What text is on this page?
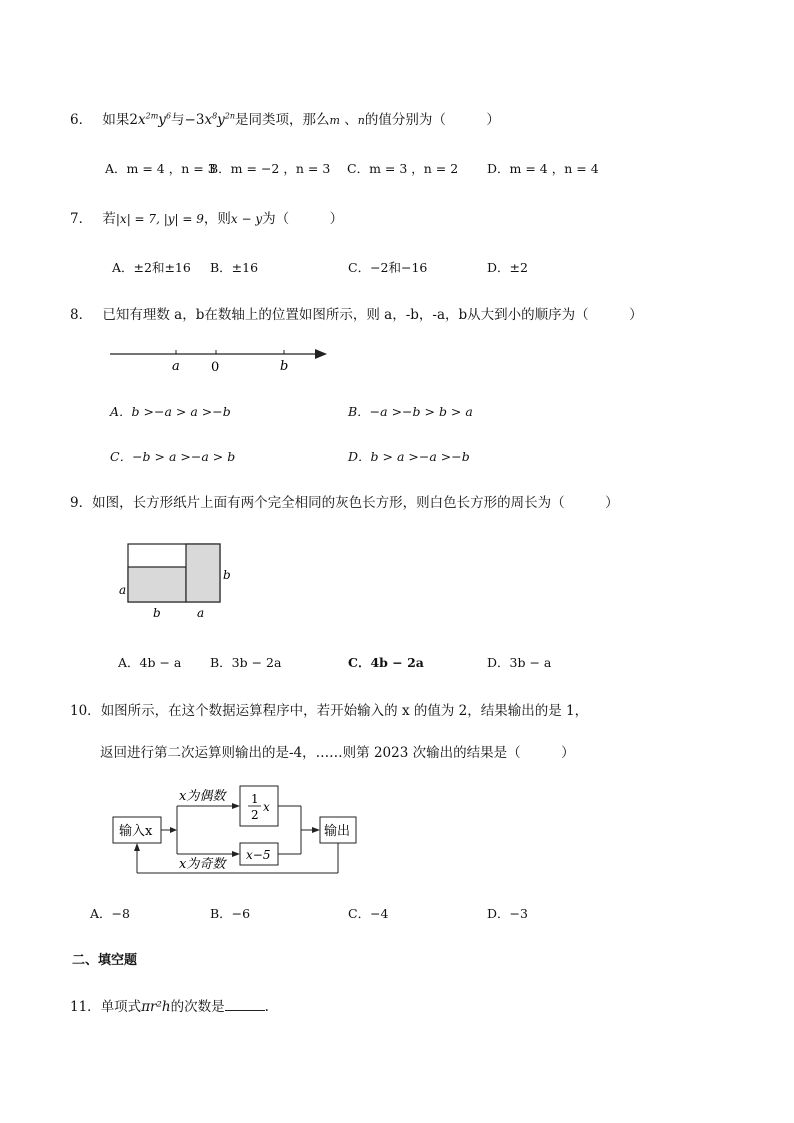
6． 如果$2x^{2m}y^6$与$-3x^8y^{2n}$是同类项，那么m 、n的值分别为（　　　）
A．m = 4 ，n = 3
B．m = −2 ，n = 3 C．m = 3 ，n = 2 D．m = 4 ，n = 4
7． 若|x| = 7, |y| = 9，则x − y为（　　　）
A．±2和±16 B．±16	C．−2和−16	D．±2
8． 已知有理数 a，b在数轴上的位置如图所示，则 a，-b，-a，b从大到小的顺序为（　　　）
a 0	b
A．b >−a > a >−b	B．−a >−b > b > a
C．−b > a >−a > b	D．b > a >−a >−b
9．如图，长方形纸片上面有两个完全相同的灰色长方形，则白色长方形的周长为（　　　）
a
b
b	a
A．4b − a B．3b − 2a	C．4b − 2a	D．3b − a
10．如图所示，在这个数据运算程序中，若开始输入的 x 的值为 2，结果输出的是 1，
返回进行第二次运算则输出的是-4，……则第 2023 次输出的结果是（　　　）
输入x
x为偶数 1
2
x
x为奇数
x−5
输出
A．−8	B．−6	C．−4	D．−3
二、填空题
11．单项式πr²h的次数是	.
